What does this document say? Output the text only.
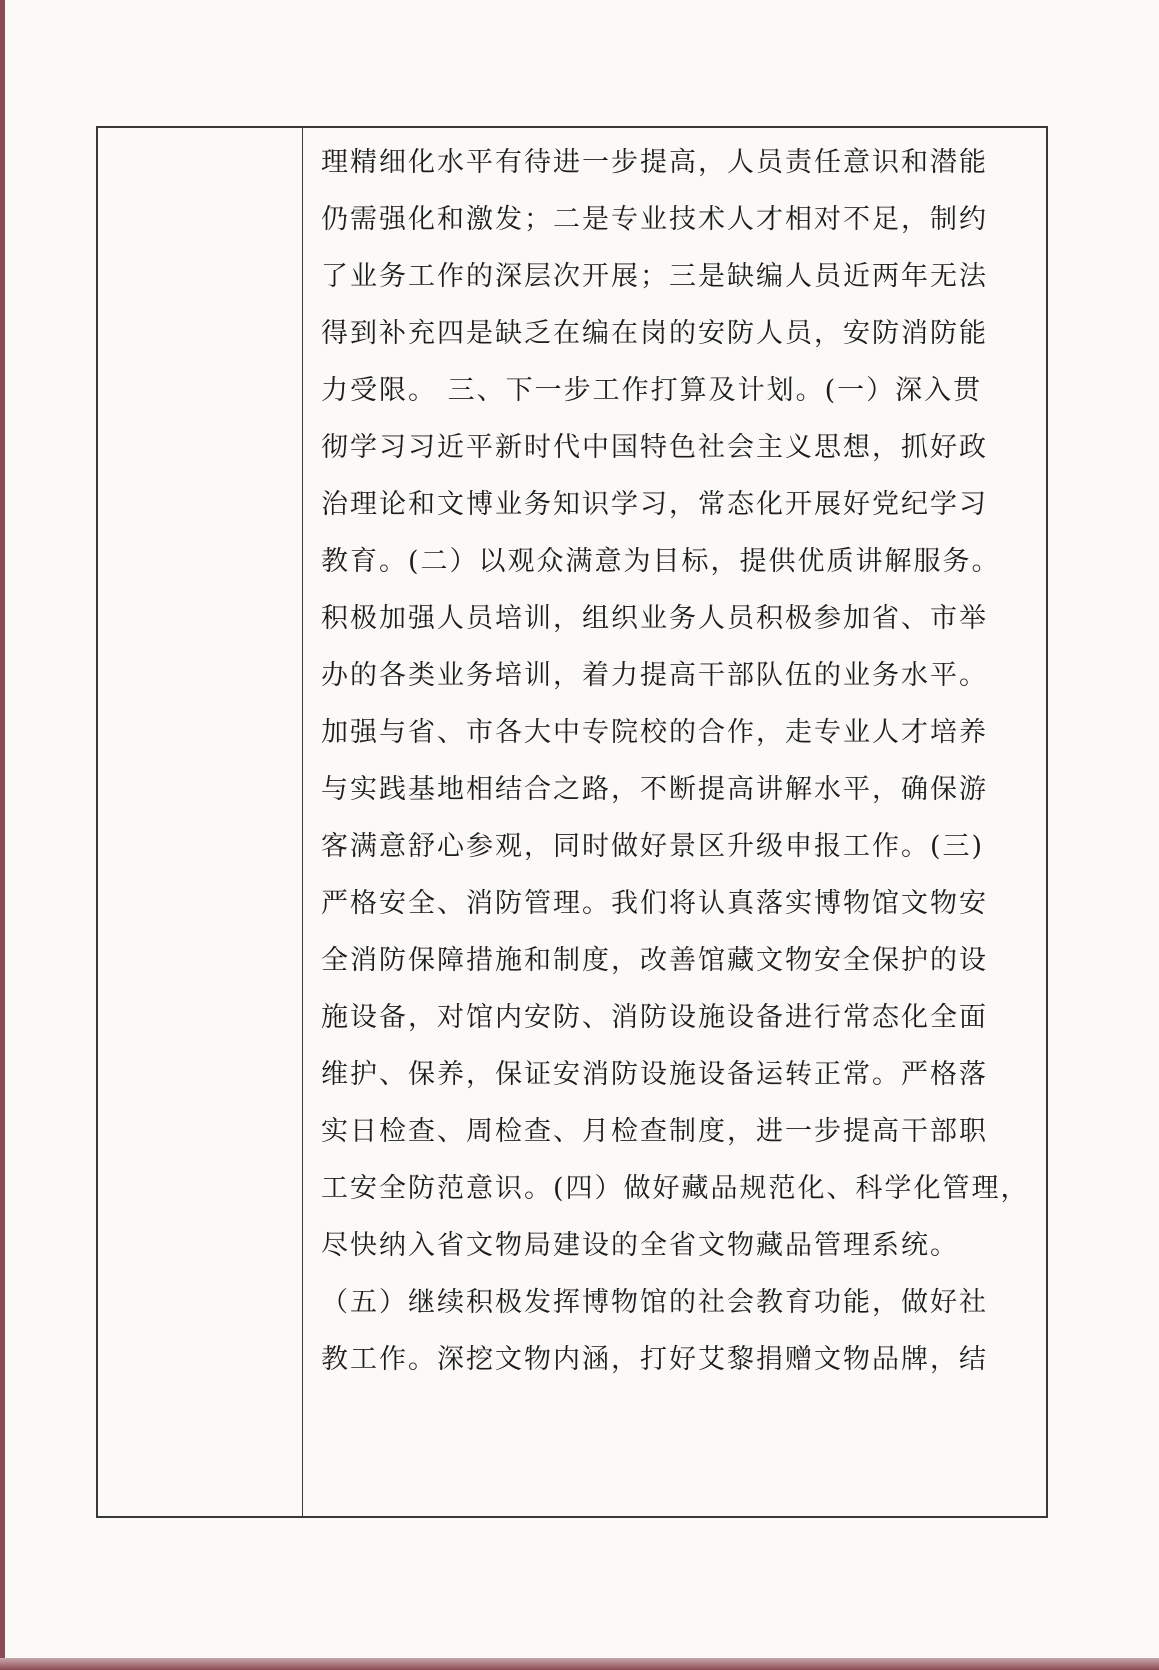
理精细化水平有待进一步提高，人员责任意识和潜能
仍需强化和激发；二是专业技术人才相对不足，制约
了业务工作的深层次开展；三是缺编人员近两年无法
得到补充四是缺乏在编在岗的安防人员，安防消防能
力受限。 三、下一步工作打算及计划。(一）深入贯
彻学习习近平新时代中国特色社会主义思想，抓好政
治理论和文博业务知识学习，常态化开展好党纪学习
教育。(二）以观众满意为目标，提供优质讲解服务。
积极加强人员培训，组织业务人员积极参加省、市举
办的各类业务培训，着力提高干部队伍的业务水平。
加强与省、市各大中专院校的合作，走专业人才培养
与实践基地相结合之路，不断提高讲解水平，确保游
客满意舒心参观，同时做好景区升级申报工作。(三)
严格安全、消防管理。我们将认真落实博物馆文物安
全消防保障措施和制度，改善馆藏文物安全保护的设
施设备，对馆内安防、消防设施设备进行常态化全面
维护、保养，保证安消防设施设备运转正常。严格落
实日检查、周检查、月检查制度，进一步提高干部职
工安全防范意识。(四）做好藏品规范化、科学化管理，
尽快纳入省文物局建设的全省文物藏品管理系统。
（五）继续积极发挥博物馆的社会教育功能，做好社
教工作。深挖文物内涵，打好艾黎捐赠文物品牌，结
